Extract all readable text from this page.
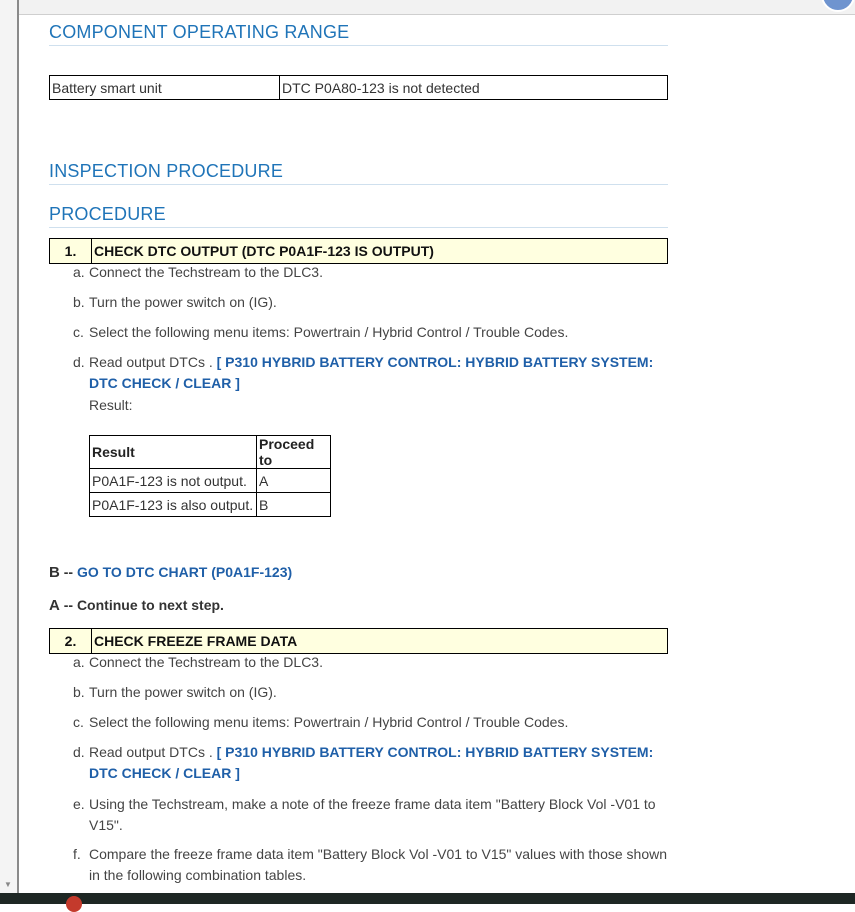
▼
COMPONENT OPERATING RANGE
Battery smart unit	DTC P0A80-123 is not detected
INSPECTION PROCEDURE
PROCEDURE
1.	CHECK DTC OUTPUT (DTC P0A1F-123 IS OUTPUT)
a. Connect the Techstream to the DLC3.
b. Turn the power switch on (IG).
c. Select the following menu items: Powertrain / Hybrid Control / Trouble Codes.
d. Read output DTCs . [ P310 HYBRID BATTERY CONTROL: HYBRID BATTERY SYSTEM: DTC CHECK / CLEAR ]
Result:
Result	Proceed to
P0A1F-123 is not output.	A
P0A1F-123 is also output.	B
B -- GO TO DTC CHART (P0A1F-123)
A -- Continue to next step.
2.	CHECK FREEZE FRAME DATA
a. Connect the Techstream to the DLC3.
b. Turn the power switch on (IG).
c. Select the following menu items: Powertrain / Hybrid Control / Trouble Codes.
d. Read output DTCs . [ P310 HYBRID BATTERY CONTROL: HYBRID BATTERY SYSTEM: DTC CHECK / CLEAR ]
e. Using the Techstream, make a note of the freeze frame data item "Battery Block Vol -V01 to V15".
f. Compare the freeze frame data item "Battery Block Vol -V01 to V15" values with those shown in the following combination tables.
